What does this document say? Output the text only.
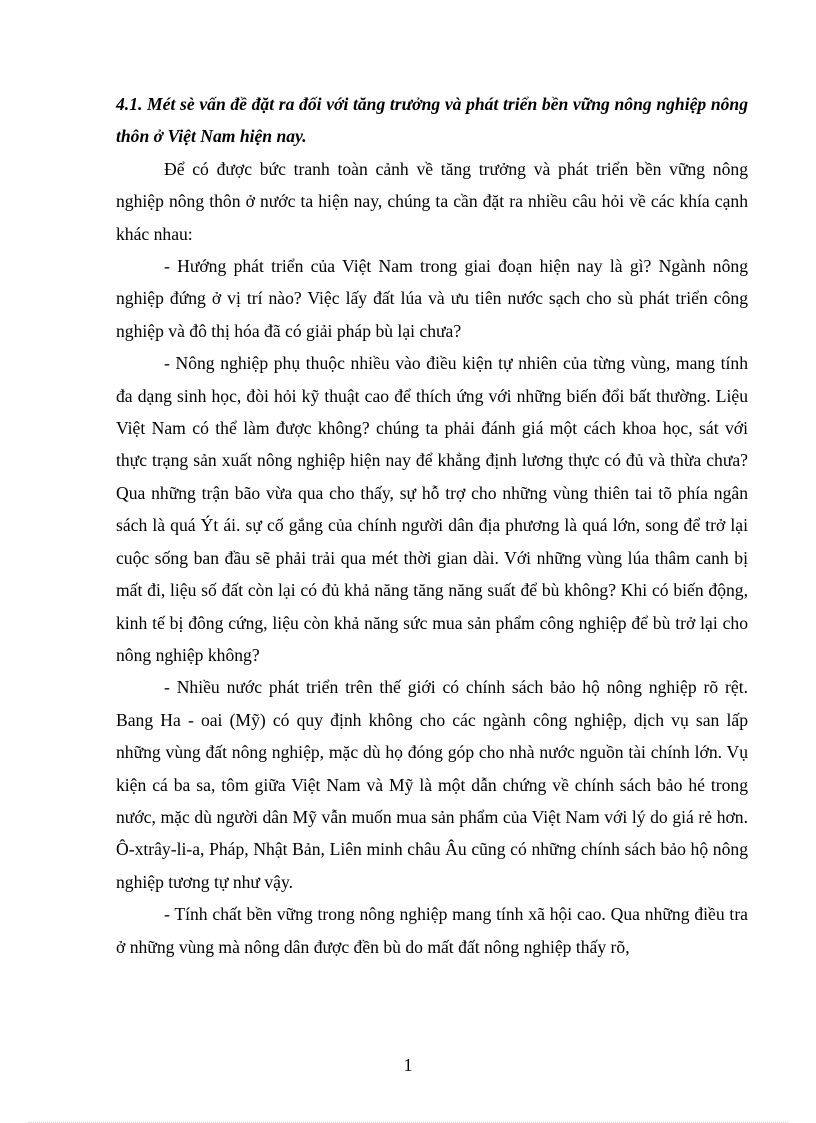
4.1. Mét sè vấn đề đặt ra đối với tăng trưởng và phát triển bền vững nông nghiệp nông thôn ở Việt Nam hiện nay.

Để có được bức tranh toàn cảnh về tăng trưởng và phát triển bền vững nông nghiệp nông thôn ở nước ta hiện nay, chúng ta cần đặt ra nhiều câu hỏi về các khía cạnh khác nhau:

- Hướng phát triển của Việt Nam trong giai đoạn hiện nay là gì? Ngành nông nghiệp đứng ở vị trí nào? Việc lấy đất lúa và ưu tiên nước sạch cho sù phát triển công nghiệp và đô thị hóa đã có giải pháp bù lại chưa?

- Nông nghiệp phụ thuộc nhiều vào điều kiện tự nhiên của từng vùng, mang tính đa dạng sinh học, đòi hỏi kỹ thuật cao để thích ứng với những biến đổi bất thường. Liệu Việt Nam có thể làm được không? chúng ta phải đánh giá một cách khoa học, sát với thực trạng sản xuất nông nghiệp hiện nay để khẳng định lương thực có đủ và thừa chưa? Qua những trận bão vừa qua cho thấy, sự hỗ trợ cho những vùng thiên tai tõ phía ngân sách là quá Ýt ái. sự cố gắng của chính người dân địa phương là quá lớn, song để trở lại cuộc sống ban đầu sẽ phải trải qua mét thời gian dài. Với những vùng lúa thâm canh bị mất đi, liệu số đất còn lại có đủ khả năng tăng năng suất để bù không? Khi có biến động, kinh tế bị đông cứng, liệu còn khả năng sức mua sản phẩm công nghiệp để bù trở lại cho nông nghiệp không?

- Nhiều nước phát triển trên thế giới có chính sách bảo hộ nông nghiệp rõ rệt. Bang Ha - oai (Mỹ) có quy định không cho các ngành công nghiệp, dịch vụ san lấp những vùng đất nông nghiệp, mặc dù họ đóng góp cho nhà nước nguồn tài chính lớn. Vụ kiện cá ba sa, tôm giữa Việt Nam và Mỹ là một dẫn chứng về chính sách bảo hé trong nước, mặc dù người dân Mỹ vẫn muốn mua sản phẩm của Việt Nam với lý do giá rẻ hơn. Ô-xtrây-li-a, Pháp, Nhật Bản, Liên minh châu Âu cũng có những chính sách bảo hộ nông nghiệp tương tự như vậy.

- Tính chất bền vững trong nông nghiệp mang tính xã hội cao. Qua những điều tra ở những vùng mà nông dân được đền bù do mất đất nông nghiệp thấy rõ,

1
